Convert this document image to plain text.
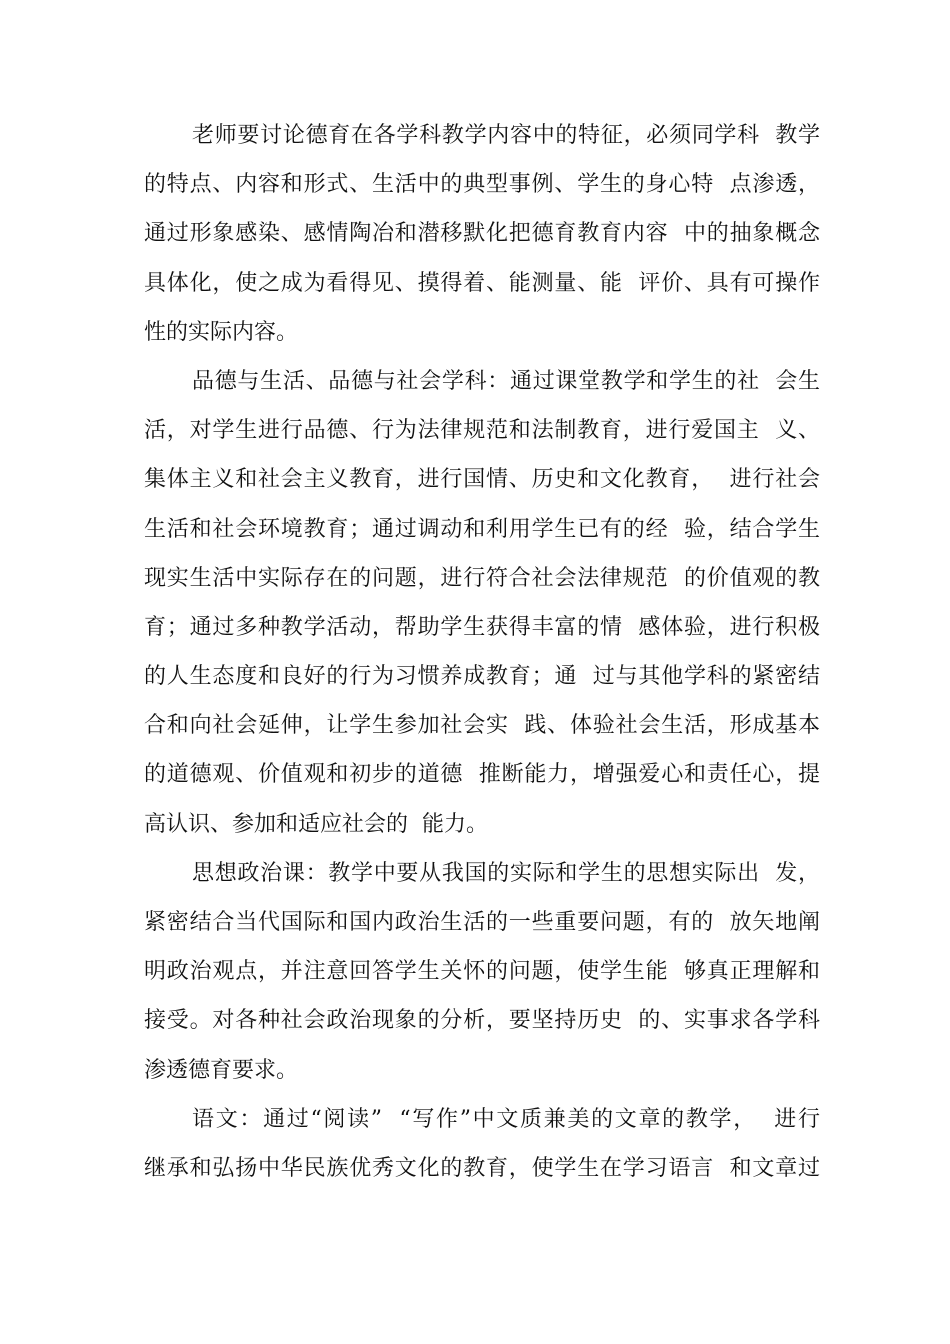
老师要讨论德育在各学科教学内容中的特征，必须同学科  教学
的特点、内容和形式、生活中的典型事例、学生的身心特  点渗透，
通过形象感染、感情陶冶和潜移默化把德育教育内容  中的抽象概念
具体化，使之成为看得见、摸得着、能测量、能  评价、具有可操作
性的实际内容。
品德与生活、品德与社会学科：通过课堂教学和学生的社  会生
活，对学生进行品德、行为法律规范和法制教育，进行爱国主  义、
集体主义和社会主义教育，进行国情、历史和文化教育，  进行社会
生活和社会环境教育；通过调动和利用学生已有的经  验，结合学生
现实生活中实际存在的问题，进行符合社会法律规范  的价值观的教
育；通过多种教学活动，帮助学生获得丰富的情  感体验，进行积极
的人生态度和良好的行为习惯养成教育；通  过与其他学科的紧密结
合和向社会延伸，让学生参加社会实  践、体验社会生活，形成基本
的道德观、价值观和初步的道德  推断能力，增强爱心和责任心，提
高认识、参加和适应社会的  能力。
思想政治课：教学中要从我国的实际和学生的思想实际出  发，
紧密结合当代国际和国内政治生活的一些重要问题，有的  放矢地阐
明政治观点，并注意回答学生关怀的问题，使学生能  够真正理解和
接受。对各种社会政治现象的分析，要坚持历史  的、实事求各学科
渗透德育要求。
语文：通过“阅读”  “写作”中文质兼美的文章的教学，  进行
继承和弘扬中华民族优秀文化的教育，使学生在学习语言  和文章过
